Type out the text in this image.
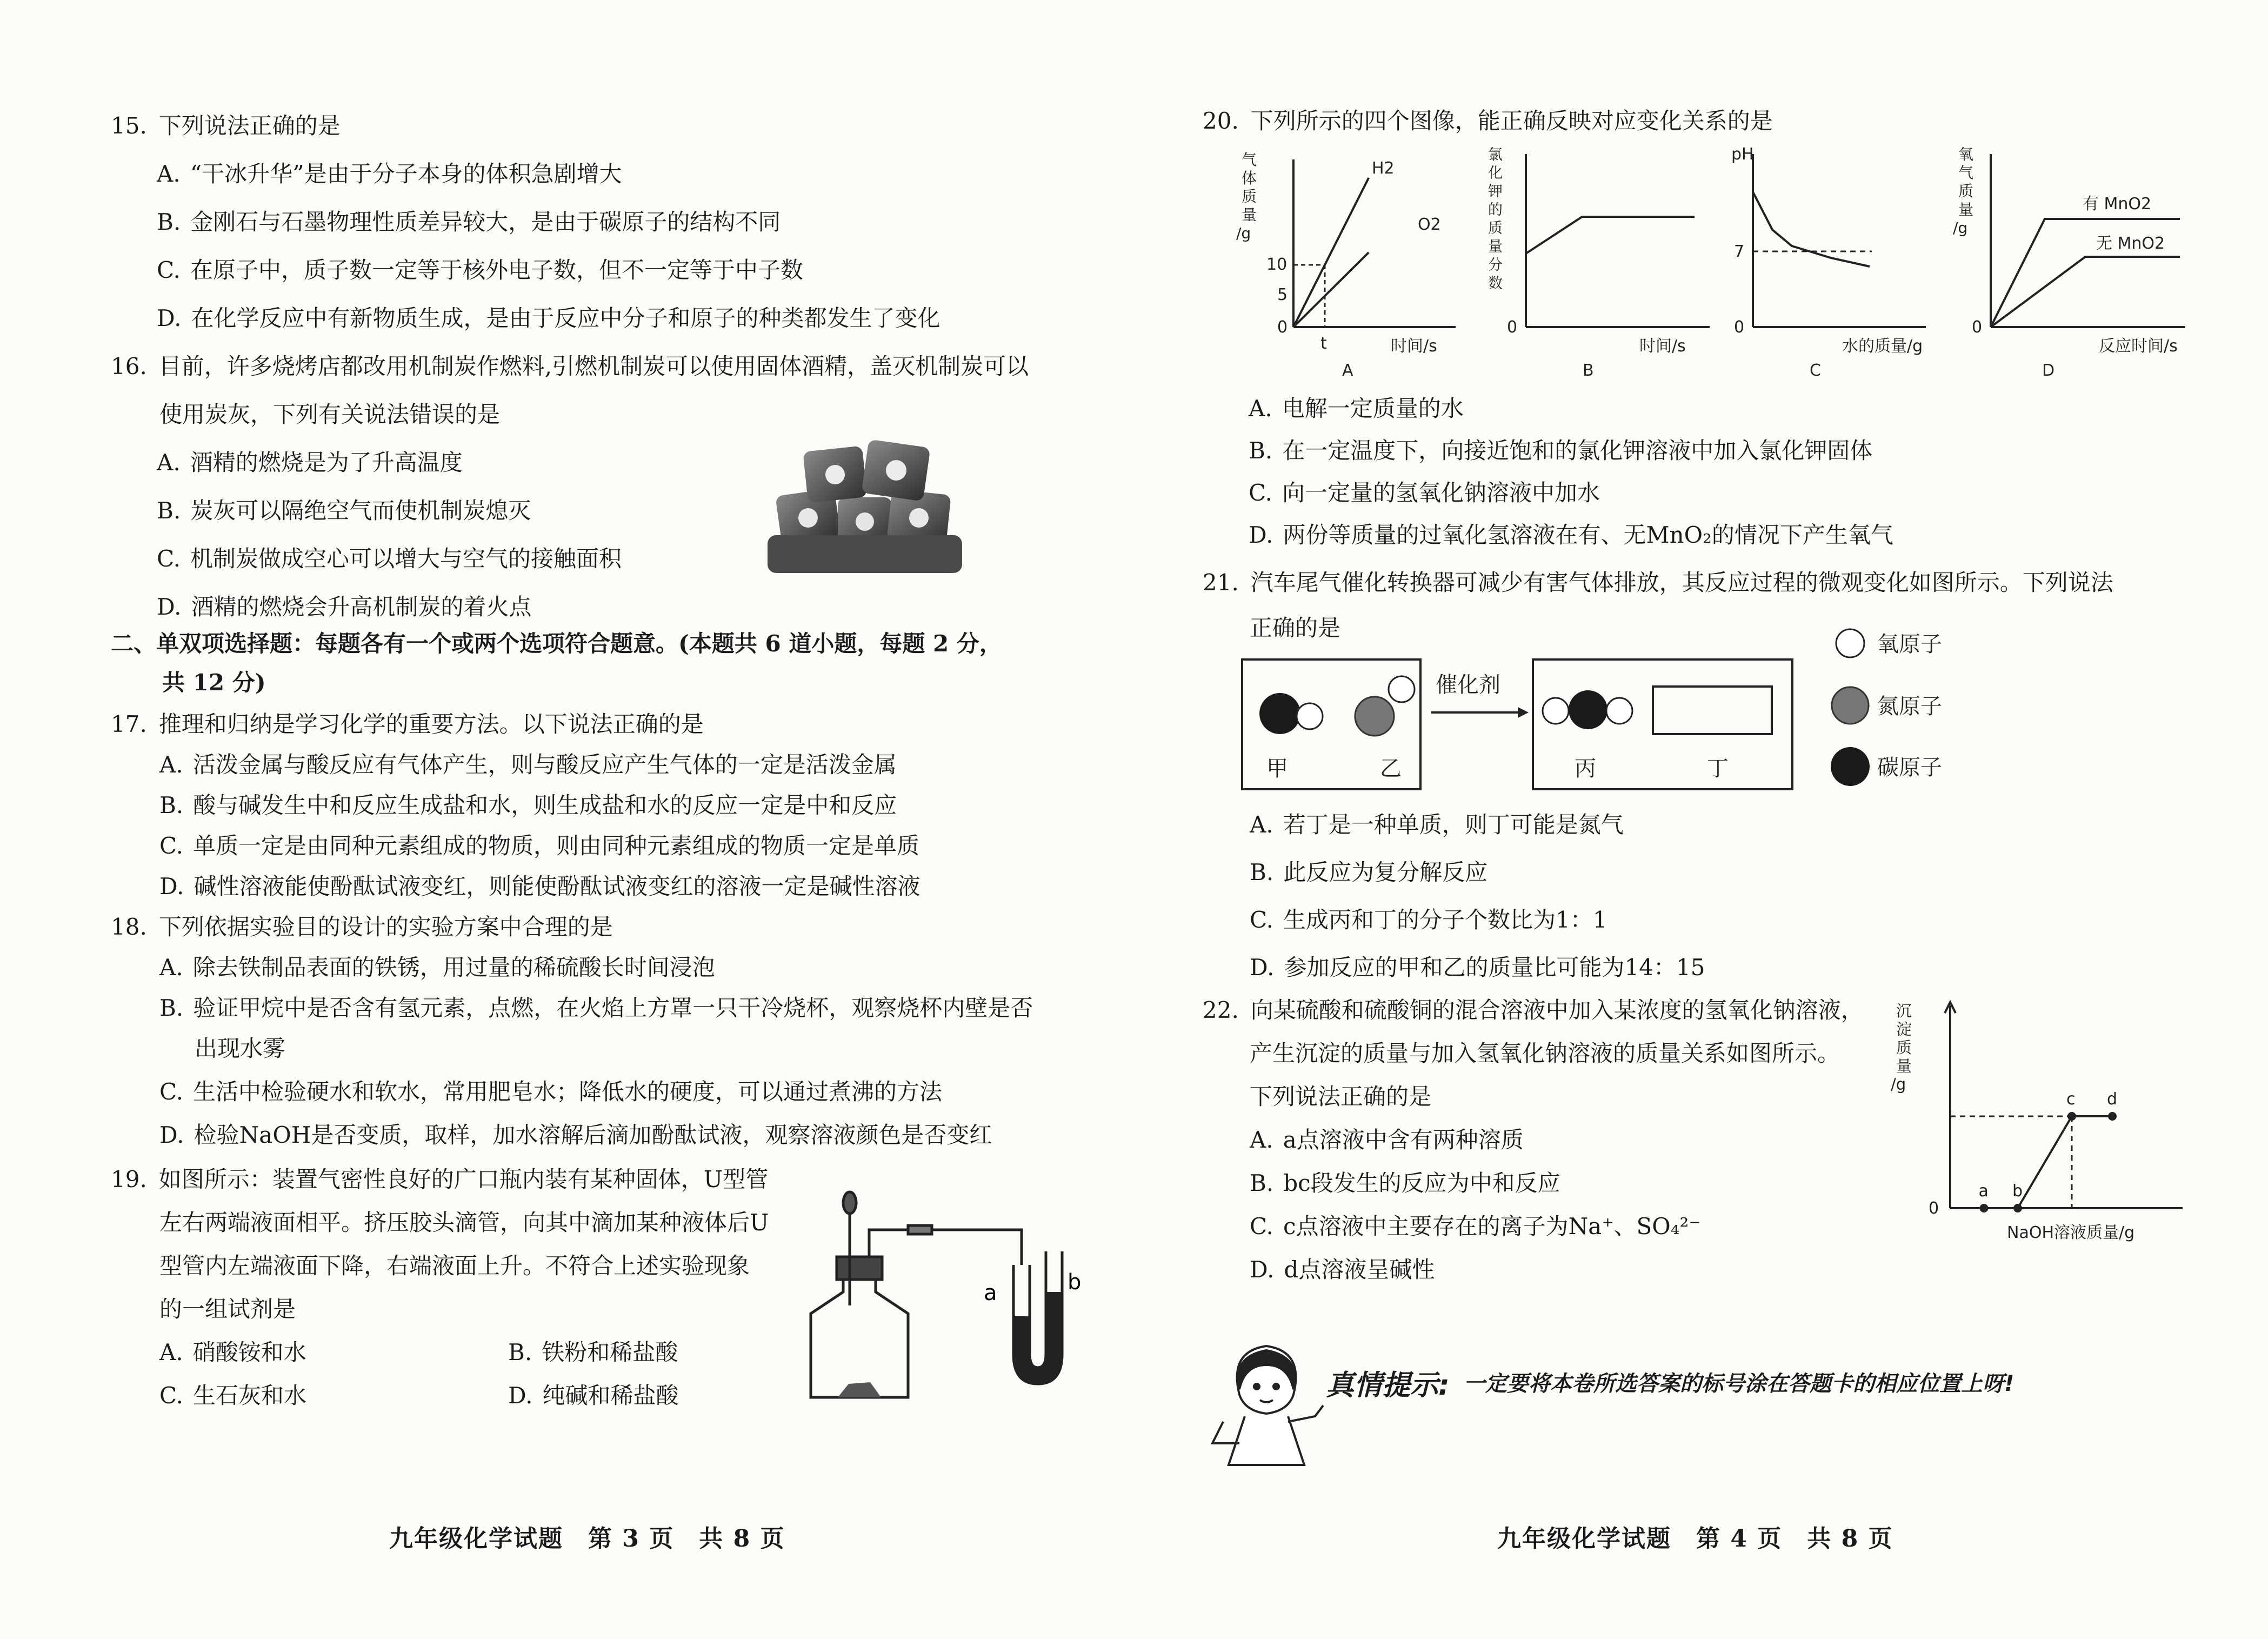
15. 下列说法正确的是
A. “干冰升华”是由于分子本身的体积急剧增大
B. 金刚石与石墨物理性质差异较大，是由于碳原子的结构不同
C. 在原子中，质子数一定等于核外电子数，但不一定等于中子数
D. 在化学反应中有新物质生成，是由于反应中分子和原子的种类都发生了变化
16. 目前，许多烧烤店都改用机制炭作燃料,引燃机制炭可以使用固体酒精，盖灭机制炭可以
使用炭灰，下列有关说法错误的是
A. 酒精的燃烧是为了升高温度
B. 炭灰可以隔绝空气而使机制炭熄灭
C. 机制炭做成空心可以增大与空气的接触面积
D. 酒精的燃烧会升高机制炭的着火点
二、单双项选择题：每题各有一个或两个选项符合题意。(本题共 6 道小题，每题 2 分，
共 12 分)
17. 推理和归纳是学习化学的重要方法。以下说法正确的是
A. 活泼金属与酸反应有气体产生，则与酸反应产生气体的一定是活泼金属
B. 酸与碱发生中和反应生成盐和水，则生成盐和水的反应一定是中和反应
C. 单质一定是由同种元素组成的物质，则由同种元素组成的物质一定是单质
D. 碱性溶液能使酚酞试液变红，则能使酚酞试液变红的溶液一定是碱性溶液
18. 下列依据实验目的设计的实验方案中合理的是
A. 除去铁制品表面的铁锈，用过量的稀硫酸长时间浸泡
B. 验证甲烷中是否含有氢元素，点燃，在火焰上方罩一只干冷烧杯，观察烧杯内壁是否
出现水雾
C. 生活中检验硬水和软水，常用肥皂水；降低水的硬度，可以通过煮沸的方法
D. 检验NaOH是否变质，取样，加水溶解后滴加酚酞试液，观察溶液颜色是否变红
19. 如图所示：装置气密性良好的广口瓶内装有某种固体，U型管
左右两端液面相平。挤压胶头滴管，向其中滴加某种液体后U
型管内左端液面下降，右端液面上升。不符合上述实验现象
的一组试剂是
A. 硝酸铵和水	B. 铁粉和稀盐酸
C. 生石灰和水	D. 纯碱和稀盐酸
a	b
九年级化学试题　第 3 页　共 8 页
20. 下列所示的四个图像，能正确反映对应变化关系的是
0
5
10
t
H2
O2
气体质量/g
时间/s
A
0
氯化钾的质量分数
时间/s
B
pH
0
7
水的质量/g
C
氧气质量/g
0
有 MnO2
无 MnO2
反应时间/s
D
A. 电解一定质量的水
B. 在一定温度下，向接近饱和的氯化钾溶液中加入氯化钾固体
C. 向一定量的氢氧化钠溶液中加水
D. 两份等质量的过氧化氢溶液在有、无MnO₂的情况下产生氧气
21. 汽车尾气催化转换器可减少有害气体排放，其反应过程的微观变化如图所示。下列说法
正确的是
甲	乙
催化剂
丙	丁
氧原子
氮原子
碳原子
A. 若丁是一种单质，则丁可能是氮气
B. 此反应为复分解反应
C. 生成丙和丁的分子个数比为1：1
D. 参加反应的甲和乙的质量比可能为14：15
22. 向某硫酸和硫酸铜的混合溶液中加入某浓度的氢氧化钠溶液，
产生沉淀的质量与加入氢氧化钠溶液的质量关系如图所示。
下列说法正确的是
A. a点溶液中含有两种溶质
B. bc段发生的反应为中和反应
C. c点溶液中主要存在的离子为Na⁺、SO₄²⁻
D. d点溶液呈碱性
沉淀质量/g
a b
c d
0
NaOH溶液质量/g
真情提示: 一定要将本卷所选答案的标号涂在答题卡的相应位置上呀!
九年级化学试题　第 4 页　共 8 页
